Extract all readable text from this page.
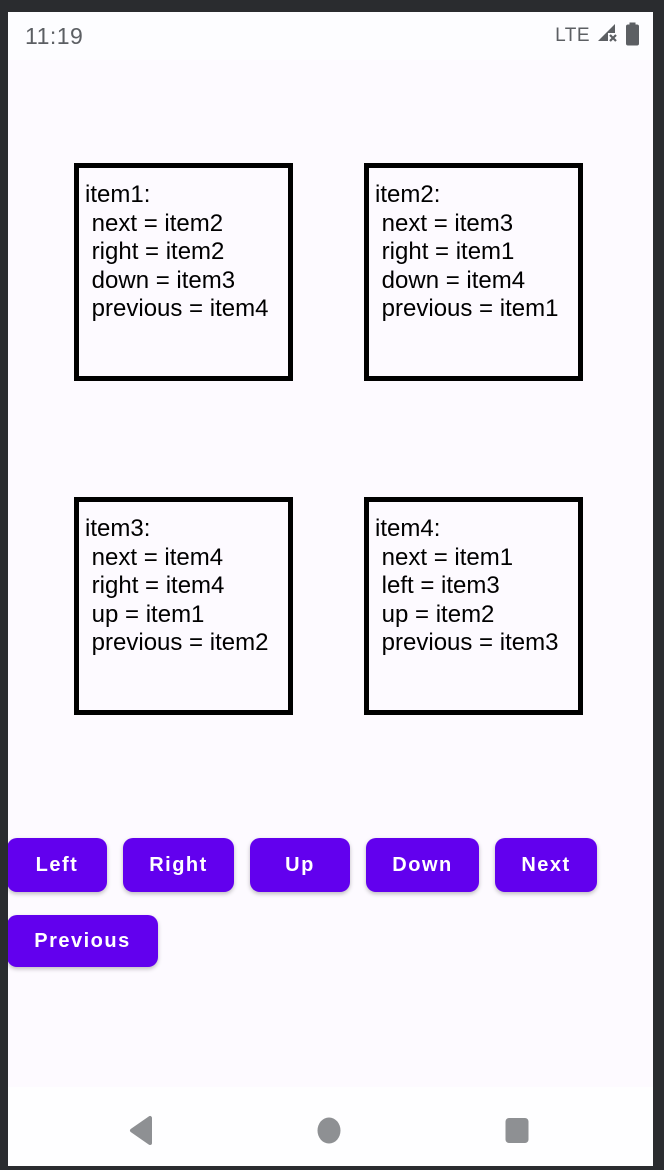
11:19	LTE
item1:
next = item2
right = item2
down = item3
previous = item4
item2:
next = item3
right = item1
down = item4
previous = item1
item3:
next = item4
right = item4
up = item1
previous = item2
item4:
next = item1
left = item3
up = item2
previous = item3
Left	Right	Up	Down	Next
Previous
